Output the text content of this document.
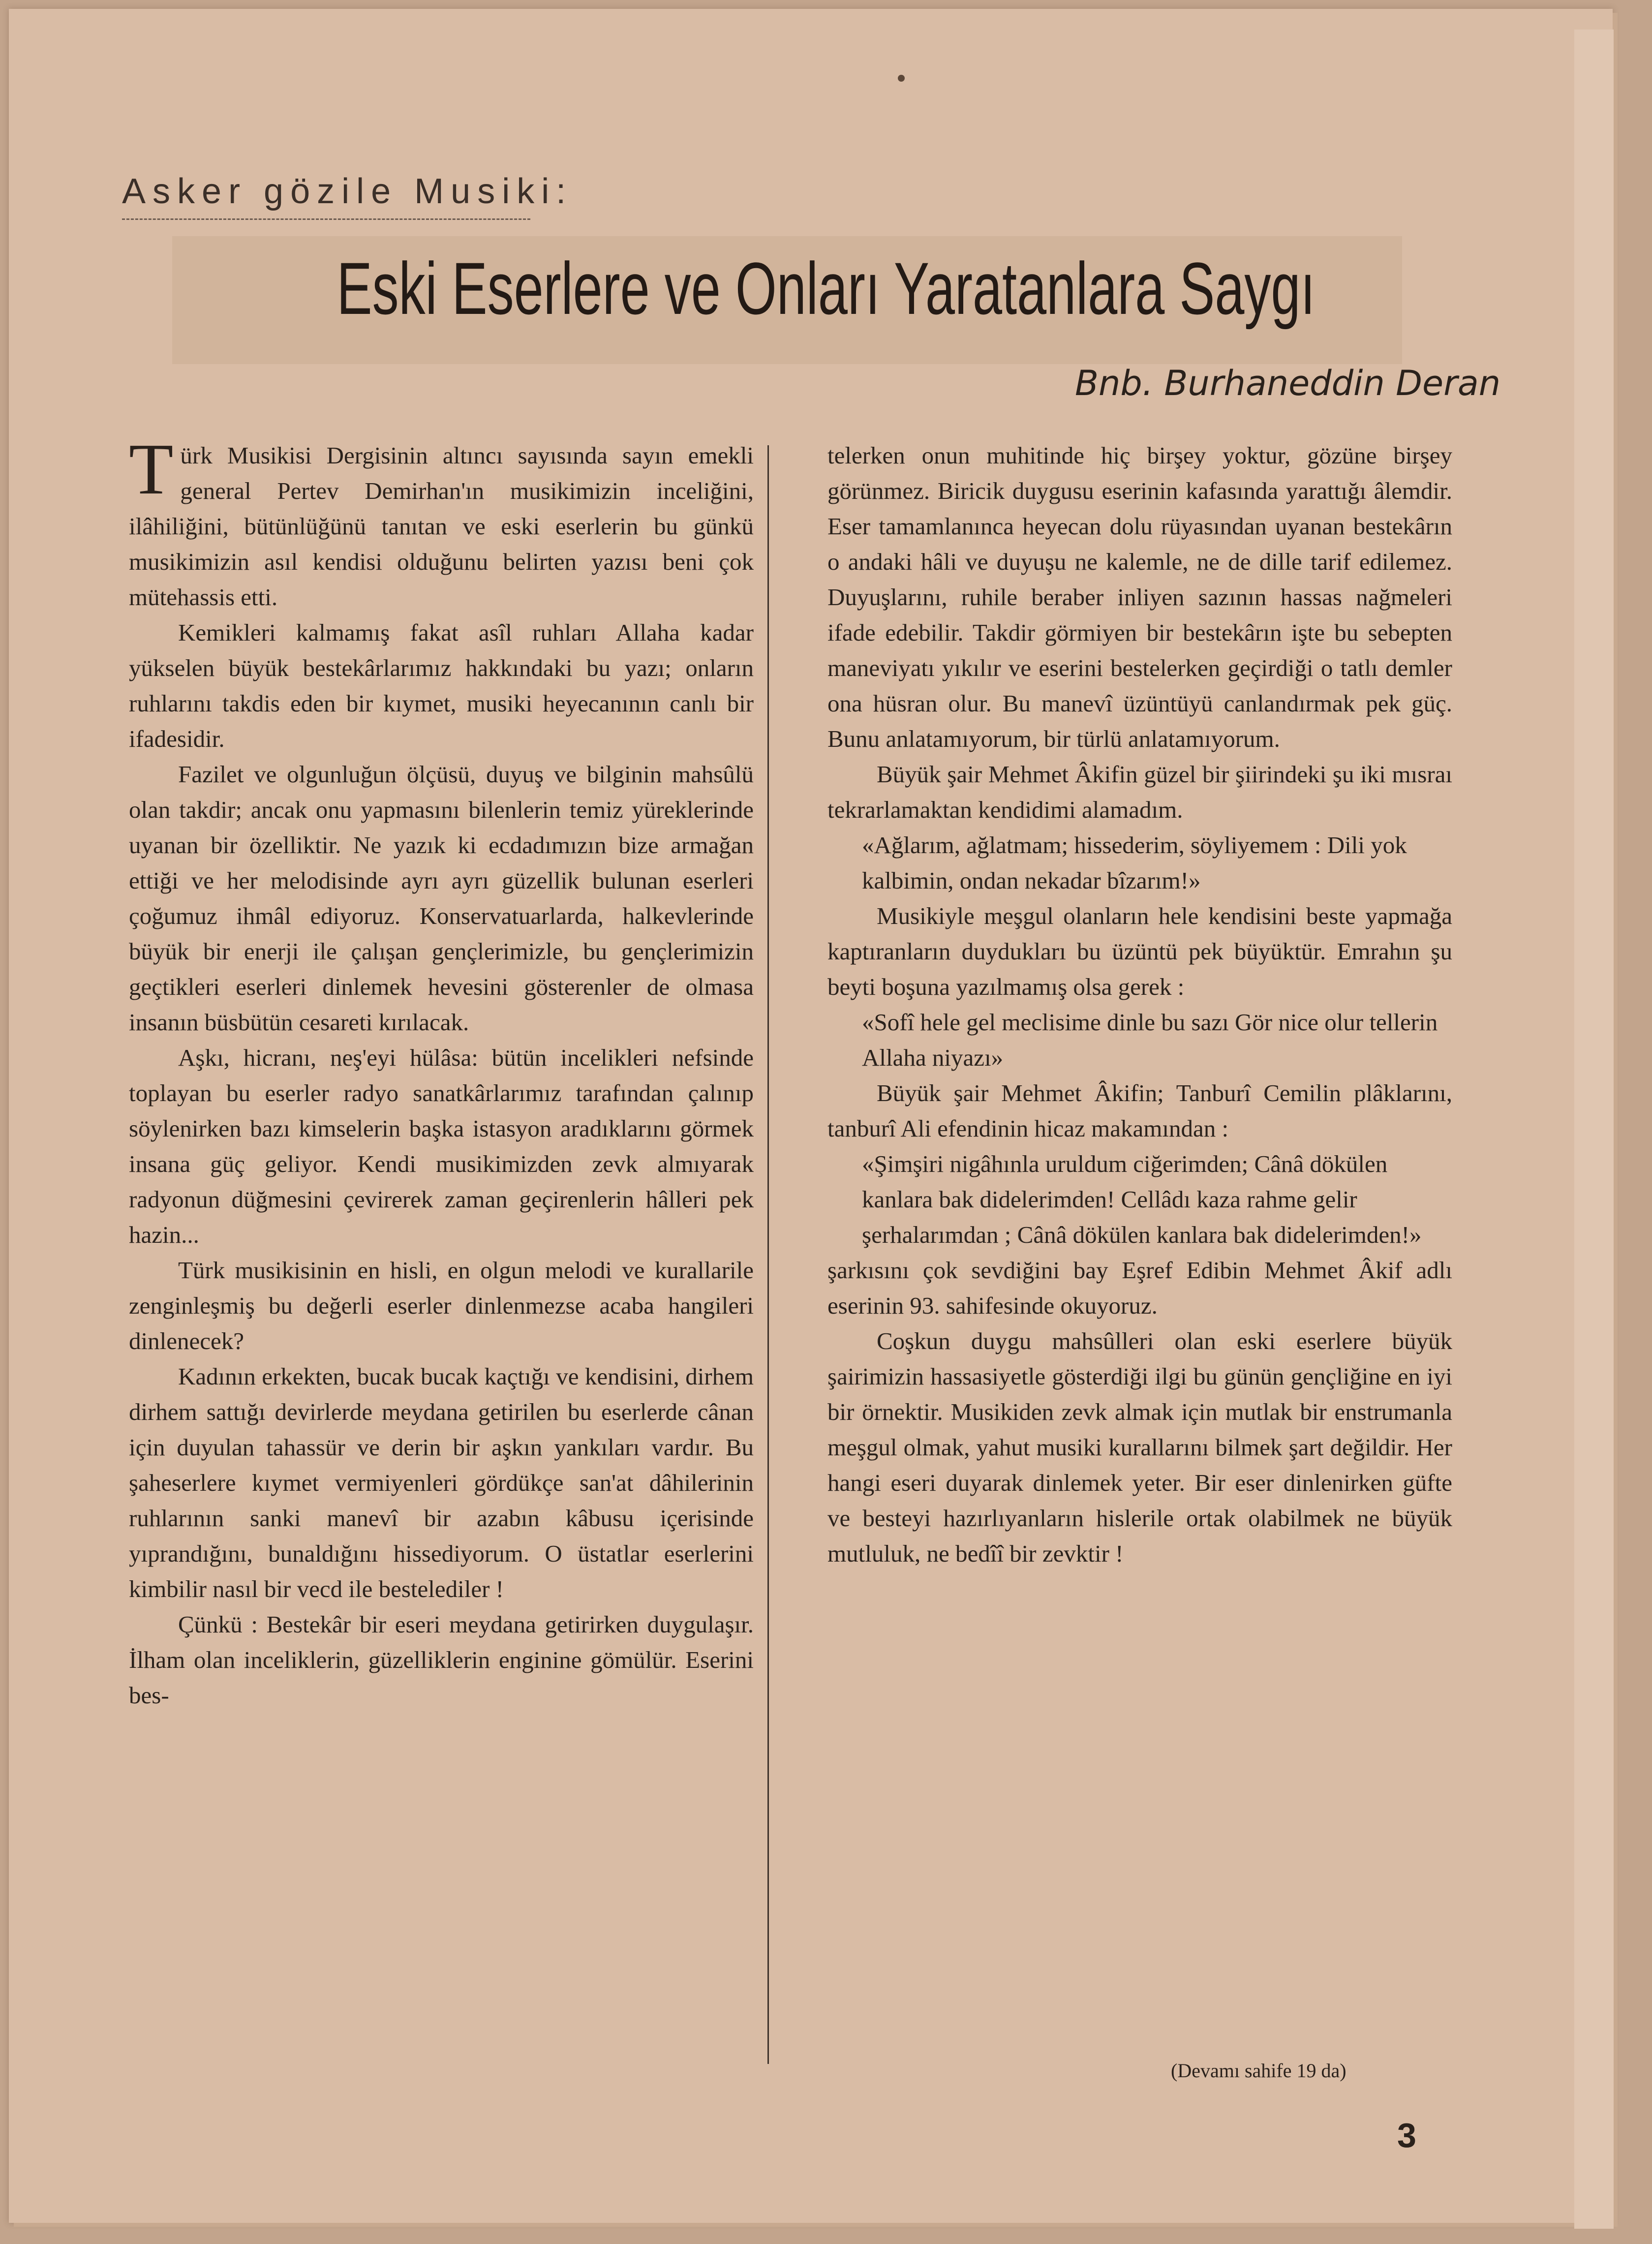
Asker gözile Musiki:
Eski Eserlere ve Onları Yaratanlara Saygı
Bnb. Burhaneddin Deran

Türk Musikisi Dergisinin altıncı sayısında sayın emekli general Pertev Demirhan'ın musikimizin inceliğini, ilâhiliğini, bütünlüğünü tanıtan ve eski eserlerin bu günkü musikimizin asıl kendisi olduğunu belirten yazısı beni çok mütehassis etti.

Kemikleri kalmamış fakat asîl ruhları Allaha kadar yükselen büyük bestekârlarımız hakkındaki bu yazı; onların ruhlarını takdis eden bir kıymet, musiki heyecanının canlı bir ifadesidir.

Fazilet ve olgunluğun ölçüsü, duyuş ve bilginin mahsûlü olan takdir; ancak onu yapmasını bilenlerin temiz yüreklerinde uyanan bir özelliktir. Ne yazık ki ecdadımızın bize armağan ettiği ve her melodisinde ayrı ayrı güzellik bulunan eserleri çoğumuz ihmâl ediyoruz. Konservatuarlarda, halkevlerinde büyük bir enerji ile çalışan gençlerimizle, bu gençlerimizin geçtikleri eserleri dinlemek hevesini gösterenler de olmasa insanın büsbütün cesareti kırılacak.

Aşkı, hicranı, neş'eyi hülâsa: bütün incelikleri nefsinde toplayan bu eserler radyo sanatkârlarımız tarafından çalınıp söylenirken bazı kimselerin başka istasyon aradıklarını görmek insana güç geliyor. Kendi musikimizden zevk almıyarak radyonun düğmesini çevirerek zaman geçirenlerin hâlleri pek hazin...

Türk musikisinin en hisli, en olgun melodi ve kurallarile zenginleşmiş bu değerli eserler dinlenmezse acaba hangileri dinlenecek?

Kadının erkekten, bucak bucak kaçtığı ve kendisini, dirhem dirhem sattığı devirlerde meydana getirilen bu eserlerde cânan için duyulan tahassür ve derin bir aşkın yankıları vardır. Bu şaheserlere kıymet vermiyenleri gördükçe san'at dâhilerinin ruhlarının sanki manevî bir azabın kâbusu içerisinde yıprandığını, bunaldığını hissediyorum. O üstatlar eserlerini kimbilir nasıl bir vecd ile bestelediler !

Çünkü : Bestekâr bir eseri meydana getirirken duygulaşır. İlham olan inceliklerin, güzelliklerin enginine gömülür. Eserini bes-

telerken onun muhitinde hiç birşey yoktur, gözüne birşey görünmez. Biricik duygusu eserinin kafasında yarattığı âlemdir. Eser tamamlanınca heyecan dolu rüyasından uyanan bestekârın o andaki hâli ve duyuşu ne kalemle, ne de dille tarif edilemez. Duyuşlarını, ruhile beraber inliyen sazının hassas nağmeleri ifade edebilir. Takdir görmiyen bir bestekârın işte bu sebepten maneviyatı yıkılır ve eserini bestelerken geçirdiği o tatlı demler ona hüsran olur. Bu manevî üzüntüyü canlandırmak pek güç. Bunu anlatamıyorum, bir türlü anlatamıyorum.

Büyük şair Mehmet Âkifin güzel bir şiirindeki şu iki mısraı tekrarlamaktan kendidimi alamadım.

«Ağlarım, ağlatmam; hissederim, söyliyemem : Dili yok kalbimin, ondan nekadar bîzarım!»

Musikiyle meşgul olanların hele kendisini beste yapmağa kaptıranların duydukları bu üzüntü pek büyüktür. Emrahın şu beyti boşuna yazılmamış olsa gerek :

«Sofî hele gel meclisime dinle bu sazı Gör nice olur tellerin Allaha niyazı»

Büyük şair Mehmet Âkifin; Tanburî Cemilin plâklarını, tanburî Ali efendinin hicaz makamından :

«Şimşiri nigâhınla uruldum ciğerimden; Cânâ dökülen kanlara bak didelerimden! Cellâdı kaza rahme gelir şerhalarımdan ; Cânâ dökülen kanlara bak didelerimden!»

şarkısını çok sevdiğini bay Eşref Edibin Mehmet Âkif adlı eserinin 93. sahifesinde okuyoruz.

Coşkun duygu mahsûlleri olan eski eserlere büyük şairimizin hassasiyetle gösterdiği ilgi bu günün gençliğine en iyi bir örnektir. Musikiden zevk almak için mutlak bir enstrumanla meşgul olmak, yahut musiki kurallarını bilmek şart değildir. Her hangi eseri duyarak dinlemek yeter. Bir eser dinlenirken güfte ve besteyi hazırlıyanların hislerile ortak olabilmek ne büyük mutluluk, ne bedîî bir zevktir !

(Devamı sahife 19 da)
3
